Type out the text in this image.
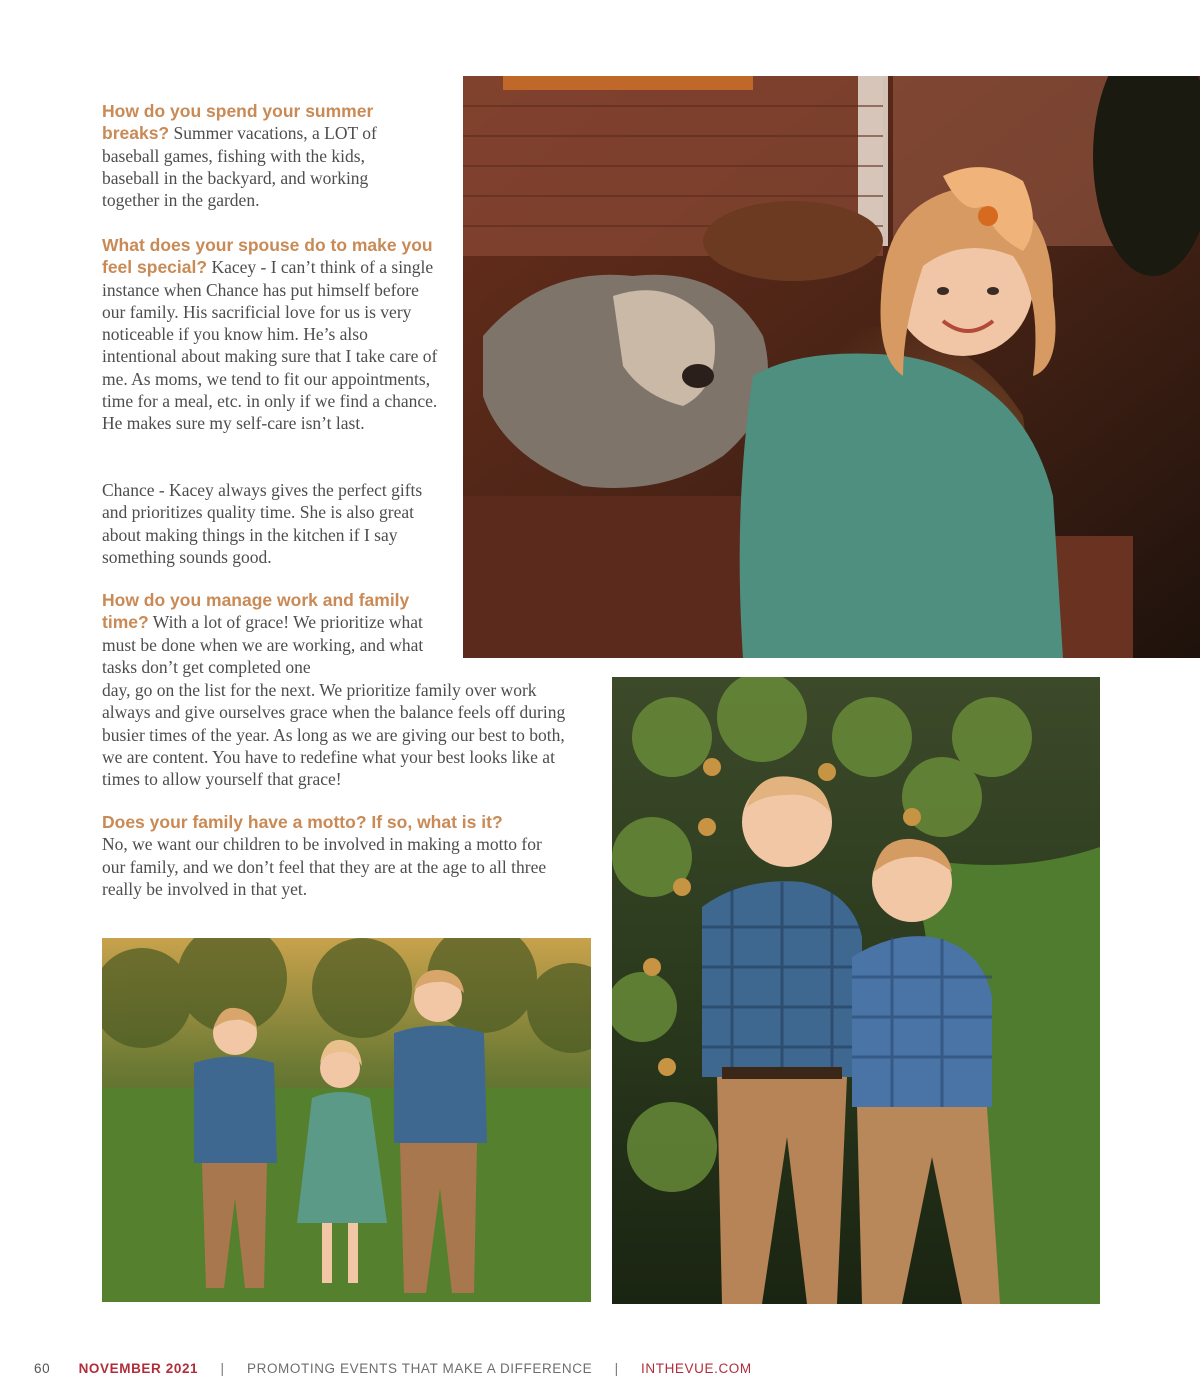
How do you spend your summer breaks? Summer vacations, a LOT of baseball games, fishing with the kids, baseball in the backyard, and working together in the garden.
What does your spouse do to make you feel special? Kacey - I can’t think of a single instance when Chance has put himself before our family. His sacrificial love for us is very noticeable if you know him. He’s also intentional about making sure that I take care of me. As moms, we tend to fit our appointments, time for a meal, etc. in only if we find a chance. He makes sure my self-care isn’t last.
Chance - Kacey always gives the perfect gifts and prioritizes quality time. She is also great about making things in the kitchen if I say something sounds good.
How do you manage work and family time? With a lot of grace! We prioritize what must be done when we are working, and what tasks don’t get completed one
day, go on the list for the next. We prioritize family over work always and give ourselves grace when the balance feels off during busier times of the year. As long as we are giving our best to both, we are content. You have to redefine what your best looks like at times to allow yourself that grace!
Does your family have a motto? If so, what is it?
No, we want our children to be involved in making a motto for our family, and we don’t feel that they are at the age to all three really be involved in that yet.
60 NOVEMBER 2021 | PROMOTING EVENTS THAT MAKE A DIFFERENCE | INTHEVUE.COM
